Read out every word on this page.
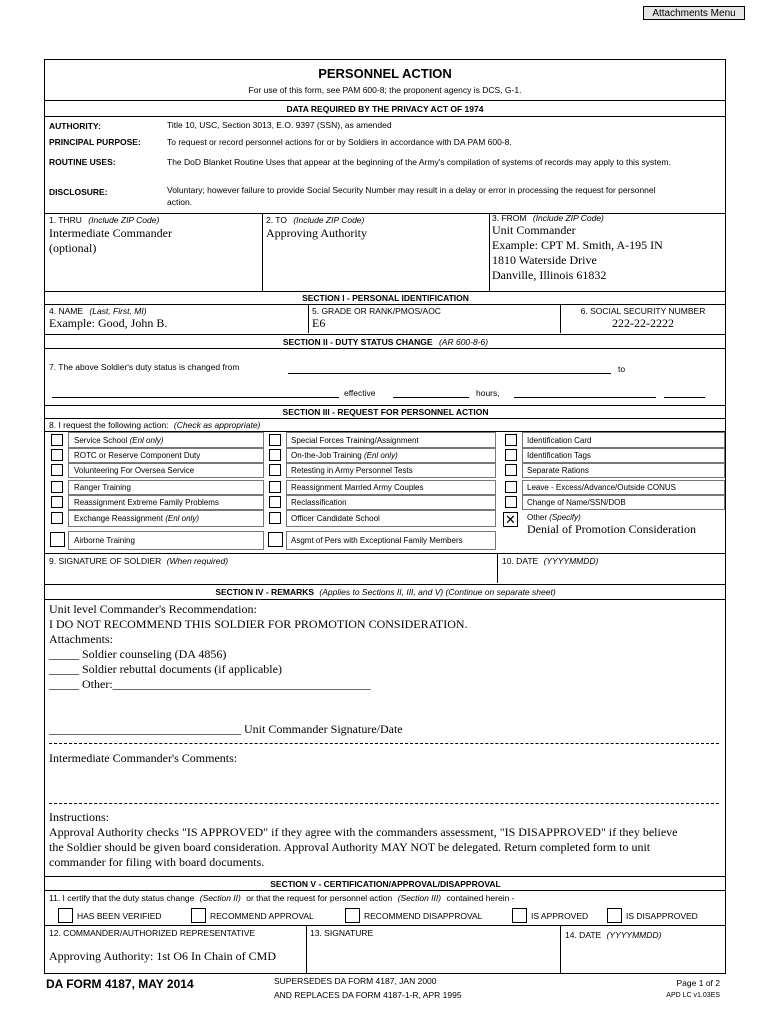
Attachments Menu
PERSONNEL ACTION
For use of this form, see PAM 600-8; the proponent agency is DCS, G-1.
DATA REQUIRED BY THE PRIVACY ACT OF 1974
AUTHORITY:	Title 10, USC, Section 3013, E.O. 9397 (SSN), as amended
PRINCIPAL PURPOSE:	To request or record personnel actions for or by Soldiers in accordance with DA PAM 600-8.
ROUTINE USES:	The DoD Blanket Routine Uses that appear at the beginning of the Army's compilation of systems of records may apply to this system.
DISCLOSURE:	Voluntary; however failure to provide Social Security Number may result in a delay or error in processing the request for personnel action.
1. THRU (Include ZIP Code)
Intermediate Commander
(optional)
2. TO (Include ZIP Code)
Approving Authority
3. FROM (Include ZIP Code)
Unit Commander
Example: CPT M. Smith, A-195 IN
1810 Waterside Drive
Danville, Illinois 61832
SECTION I - PERSONAL IDENTIFICATION
4. NAME (Last, First, MI)
Example: Good, John B.
5. GRADE OR RANK/PMOS/AOC
E6
6. SOCIAL SECURITY NUMBER
222-22-2222
SECTION II - DUTY STATUS CHANGE (AR 600-8-6)
7. The above Soldier's duty status is changed from	to
effective	hours,
SECTION III - REQUEST FOR PERSONNEL ACTION
8. I request the following action: (Check as appropriate)
Service School (Enl only)
ROTC or Reserve Component Duty
Volunteering For Oversea Service
Ranger Training
Reassignment Extreme Family Problems
Exchange Reassignment (Enl only)
Airborne Training
Special Forces Training/Assignment
On-the-Job Training (Enl only)
Retesting in Army Personnel Tests
Reassignment Married Army Couples
Reclassification
Officer Candidate School
Asgmt of Pers with Exceptional Family Members
Identification Card
Identification Tags
Separate Rations
Leave - Excess/Advance/Outside CONUS
Change of Name/SSN/DOB
✕ Other (Specify)
Denial of Promotion Consideration
9. SIGNATURE OF SOLDIER (When required)	10. DATE (YYYYMMDD)
SECTION IV - REMARKS (Applies to Sections II, III, and V) (Continue on separate sheet)
Unit level Commander's Recommendation:
I DO NOT RECOMMEND THIS SOLDIER FOR PROMOTION CONSIDERATION.
Attachments:
_____ Soldier counseling (DA 4856)
_____ Soldier rebuttal documents (if applicable)
_____ Other:___________________________________________
________________________________ Unit Commander Signature/Date
Intermediate Commander's Comments:
Instructions:
Approval Authority checks "IS APPROVED" if they agree with the commanders assessment, "IS DISAPPROVED" if they believe
the Soldier should be given board consideration. Approval Authority MAY NOT be delegated. Return completed form to unit
commander for filing with board documents.
SECTION V - CERTIFICATION/APPROVAL/DISAPPROVAL
11. I certify that the duty status change (Section II) or that the request for personnel action (Section III) contained herein -
HAS BEEN VERIFIED	RECOMMEND APPROVAL	RECOMMEND DISAPPROVAL	IS APPROVED	IS DISAPPROVED
12. COMMANDER/AUTHORIZED REPRESENTATIVE
Approving Authority: 1st O6 In Chain of CMD
13. SIGNATURE	14. DATE (YYYYMMDD)
DA FORM 4187, MAY 2014	SUPERSEDES DA FORM 4187, JAN 2000
AND REPLACES DA FORM 4187-1-R, APR 1995
Page 1 of 2
APD LC v1.03ES
